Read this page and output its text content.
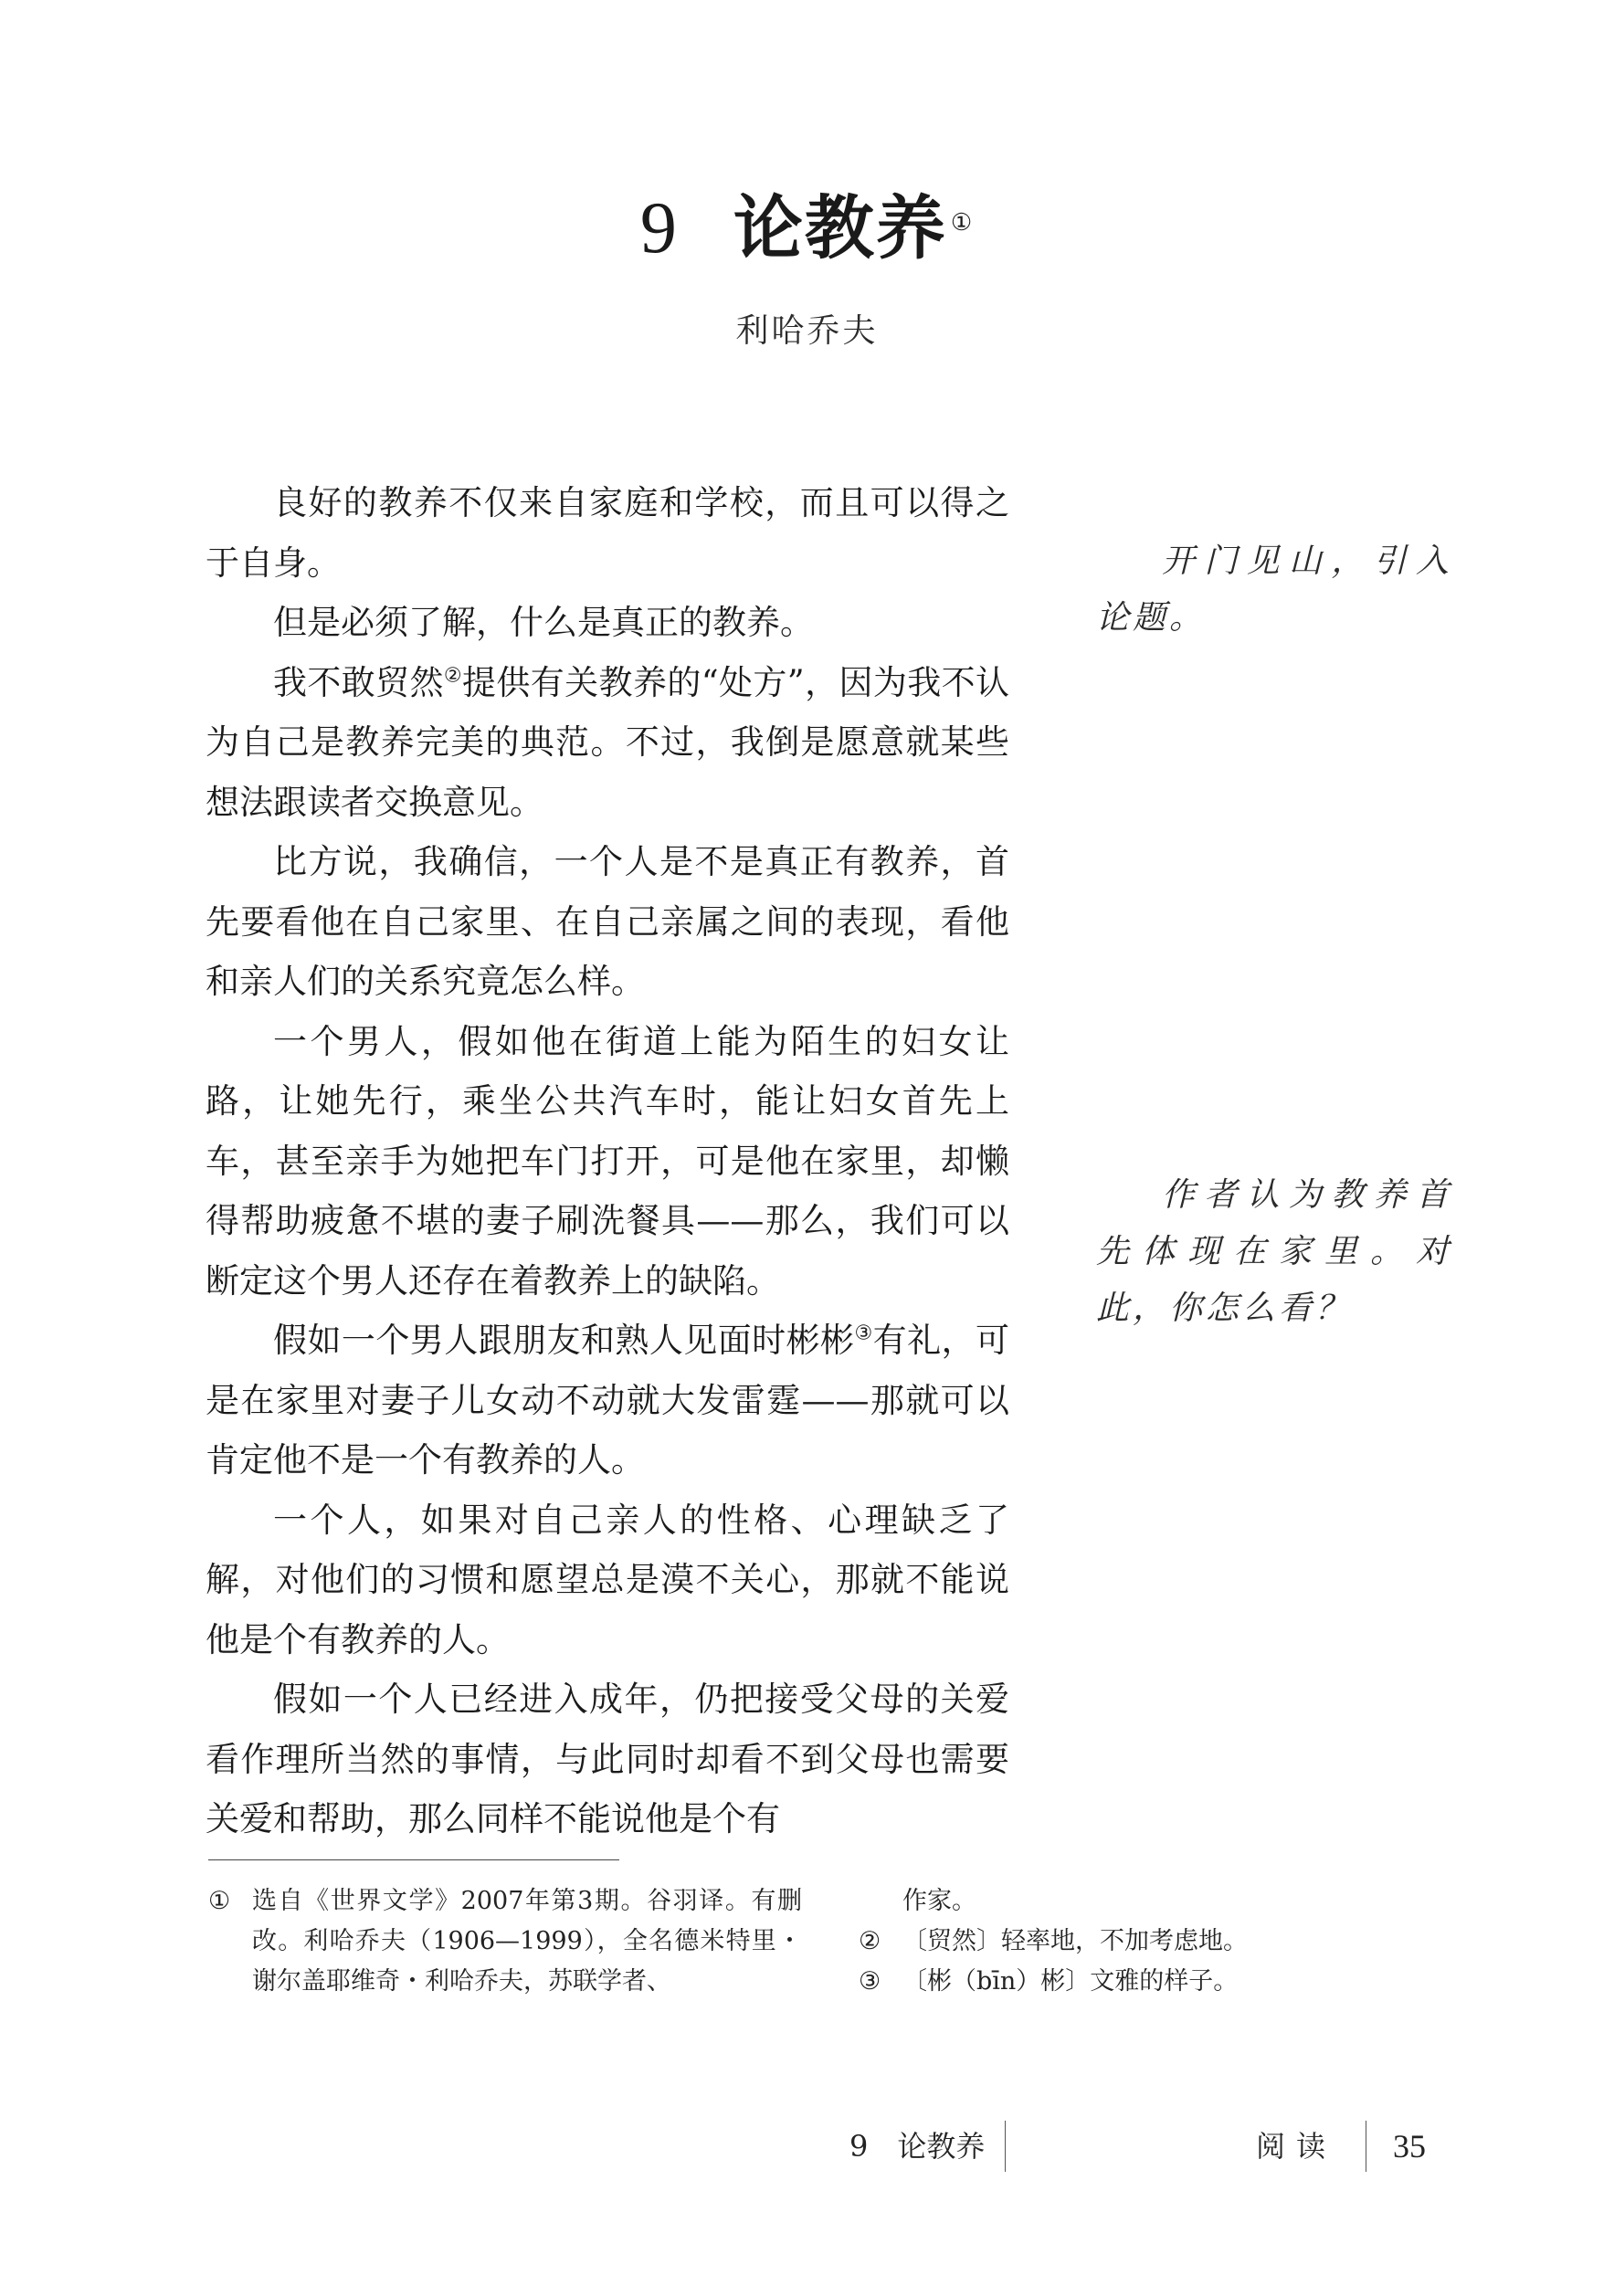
9 论教养 ①
利哈乔夫

良好的教养不仅来自家庭和学校，而且可以得之于自身。

但是必须了解，什么是真正的教养。

我不敢贸然②提供有关教养的“处方”，因为我不认为自己是教养完美的典范。不过，我倒是愿意就某些想法跟读者交换意见。

比方说，我确信，一个人是不是真正有教养，首先要看他在自己家里、在自己亲属之间的表现，看他和亲人们的关系究竟怎么样。

一个男人，假如他在街道上能为陌生的妇女让路，让她先行，乘坐公共汽车时，能让妇女首先上车，甚至亲手为她把车门打开，可是他在家里，却懒得帮助疲惫不堪的妻子刷洗餐具——那么，我们可以断定这个男人还存在着教养上的缺陷。

假如一个男人跟朋友和熟人见面时彬彬③有礼，可是在家里对妻子儿女动不动就大发雷霆——那就可以肯定他不是一个有教养的人。

一个人，如果对自己亲人的性格、心理缺乏了解，对他们的习惯和愿望总是漠不关心，那就不能说他是个有教养的人。

假如一个人已经进入成年，仍把接受父母的关爱看作理所当然的事情，与此同时却看不到父母也需要关爱和帮助，那么同样不能说他是个有

开门见山，引入论题。
作者认为教养首先体现在家里。对此，你怎么看？
① 选自《世界文学》2007年第3期。谷羽译。有删改。利哈乔夫（1906—1999），全名德米特里・谢尔盖耶维奇・利哈乔夫，苏联学者、
作家。
② 〔贸然〕轻率地，不加考虑地。
③ 〔彬（bīn）彬〕文雅的样子。
9　论教养	阅读 35
